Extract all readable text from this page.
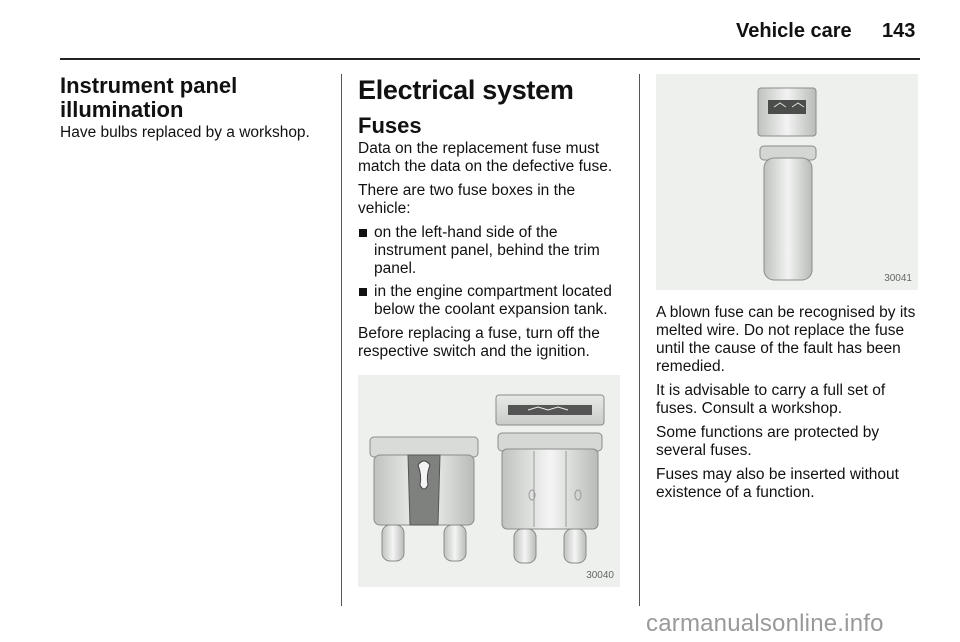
Vehicle care 143

Instrument panel illumination

Have bulbs replaced by a workshop.

Electrical system

Fuses

Data on the replacement fuse must match the data on the defective fuse.

There are two fuse boxes in the vehicle:

on the left-hand side of the instrument panel, behind the trim panel.
in the engine compartment located below the coolant expansion tank.

Before replacing a fuse, turn off the respective switch and the ignition.

30040
30041

A blown fuse can be recognised by its melted wire. Do not replace the fuse until the cause of the fault has been remedied.

It is advisable to carry a full set of fuses. Consult a workshop.

Some functions are protected by several fuses.

Fuses may also be inserted without existence of a function.

carmanualsonline.info
